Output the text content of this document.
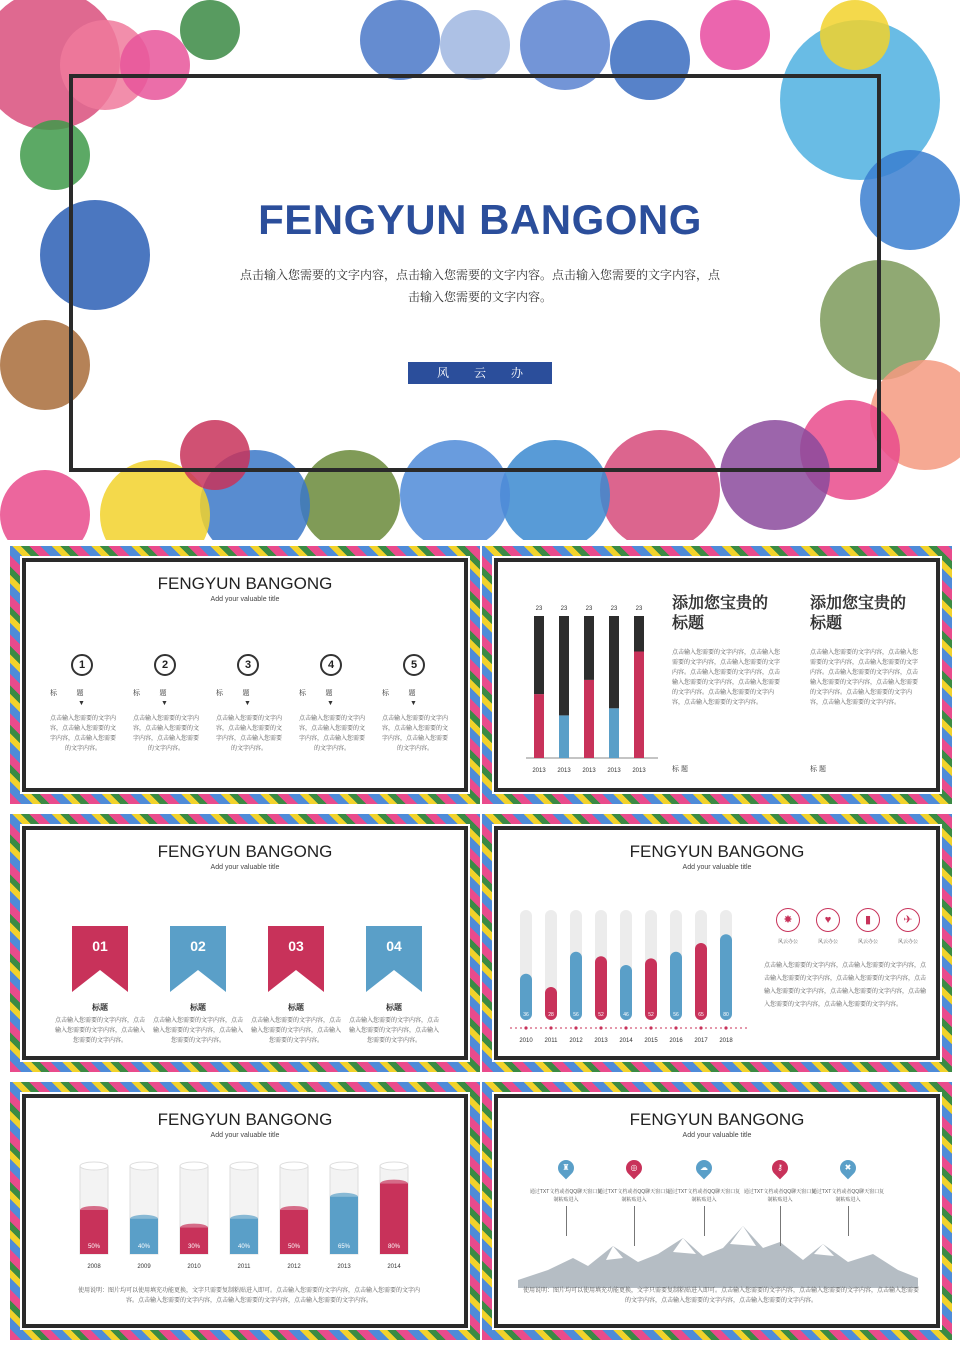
FENGYUN BANGONG
点击输入您需要的文字内容，点击输入您需要的文字内容。点击输入您需要的文字内容，点击输入您需要的文字内容。
风云办公
FENGYUN BANGONG
Add your valuable title
1
标          题
▼
点击输入您需要的文字内容，点击输入您需要的文字内容，点击输入您需要的文字内容。
2
标          题
▼
点击输入您需要的文字内容，点击输入您需要的文字内容，点击输入您需要的文字内容。
3
标          题
▼
点击输入您需要的文字内容，点击输入您需要的文字内容，点击输入您需要的文字内容。
4
标          题
▼
点击输入您需要的文字内容，点击输入您需要的文字内容，点击输入您需要的文字内容。
5
标          题
▼
点击输入您需要的文字内容，点击输入您需要的文字内容，点击输入您需要的文字内容。
23
2013
23
2013
23
2013
23
2013
23
2013
添加您宝贵的标题
点击输入您需要的文字内容，点击输入您需要的文字内容，点击输入您需要的文字内容。点击输入您需要的文字内容，点击输入您需要的文字内容，点击输入您需要的文字内容。点击输入您需要的文字内容，点击输入您需要的文字内容。
标 题
添加您宝贵的标题
点击输入您需要的文字内容，点击输入您需要的文字内容，点击输入您需要的文字内容。点击输入您需要的文字内容，点击输入您需要的文字内容，点击输入您需要的文字内容。点击输入您需要的文字内容，点击输入您需要的文字内容。
标 题
FENGYUN BANGONG
Add your valuable title
01
标题
点击输入您需要的文字内容，点击输入您需要的文字内容，点击输入您需要的文字内容。
02
标题
点击输入您需要的文字内容，点击输入您需要的文字内容，点击输入您需要的文字内容。
03
标题
点击输入您需要的文字内容，点击输入您需要的文字内容，点击输入您需要的文字内容。
04
标题
点击输入您需要的文字内容，点击输入您需要的文字内容，点击输入您需要的文字内容。
FENGYUN BANGONG
Add your valuable title
36
2010
28
2011
56
2012
52
2013
46
2014
52
2015
56
2016
65
2017
80
2018
✸
风云办公
♥
风云办公
▮
风云办公
✈
风云办公
点击输入您需要的文字内容，点击输入您需要的文字内容，点击输入您需要的文字内容，点击输入您需要的文字内容，点击输入您需要的文字内容，点击输入您需要的文字内容，点击输入您需要的文字内容，点击输入您需要的文字内容。
FENGYUN BANGONG
Add your valuable title
50%
2008
40%
2009
30%
2010
40%
2011
50%
2012
65%
2013
80%
2014
使用说明：图片均可以使用填充功能更换，文字只需要复制粘贴进入即可。点击输入您需要的文字内容，点击输入您需要的文字内容。点击输入您需要的文字内容，点击输入您需要的文字内容，点击输入您需要的文字内容。
FENGYUN BANGONG
Add your valuable title
♜
通过TXT文档或者QQ聊天窗口复制粘贴进入
◎
通过TXT文档或者QQ聊天窗口复制粘贴进入
☁
通过TXT文档或者QQ聊天窗口复制粘贴进入
⚷
通过TXT文档或者QQ聊天窗口复制粘贴进入
✖
通过TXT文档或者QQ聊天窗口复制粘贴进入
使用说明：图片均可以使用填充功能更换，文字只需要复制粘贴进入即可。点击输入您需要的文字内容，点击输入您需要的文字内容，点击输入您需要的文字内容，点击输入您需要的文字内容，点击输入您需要的文字内容。
